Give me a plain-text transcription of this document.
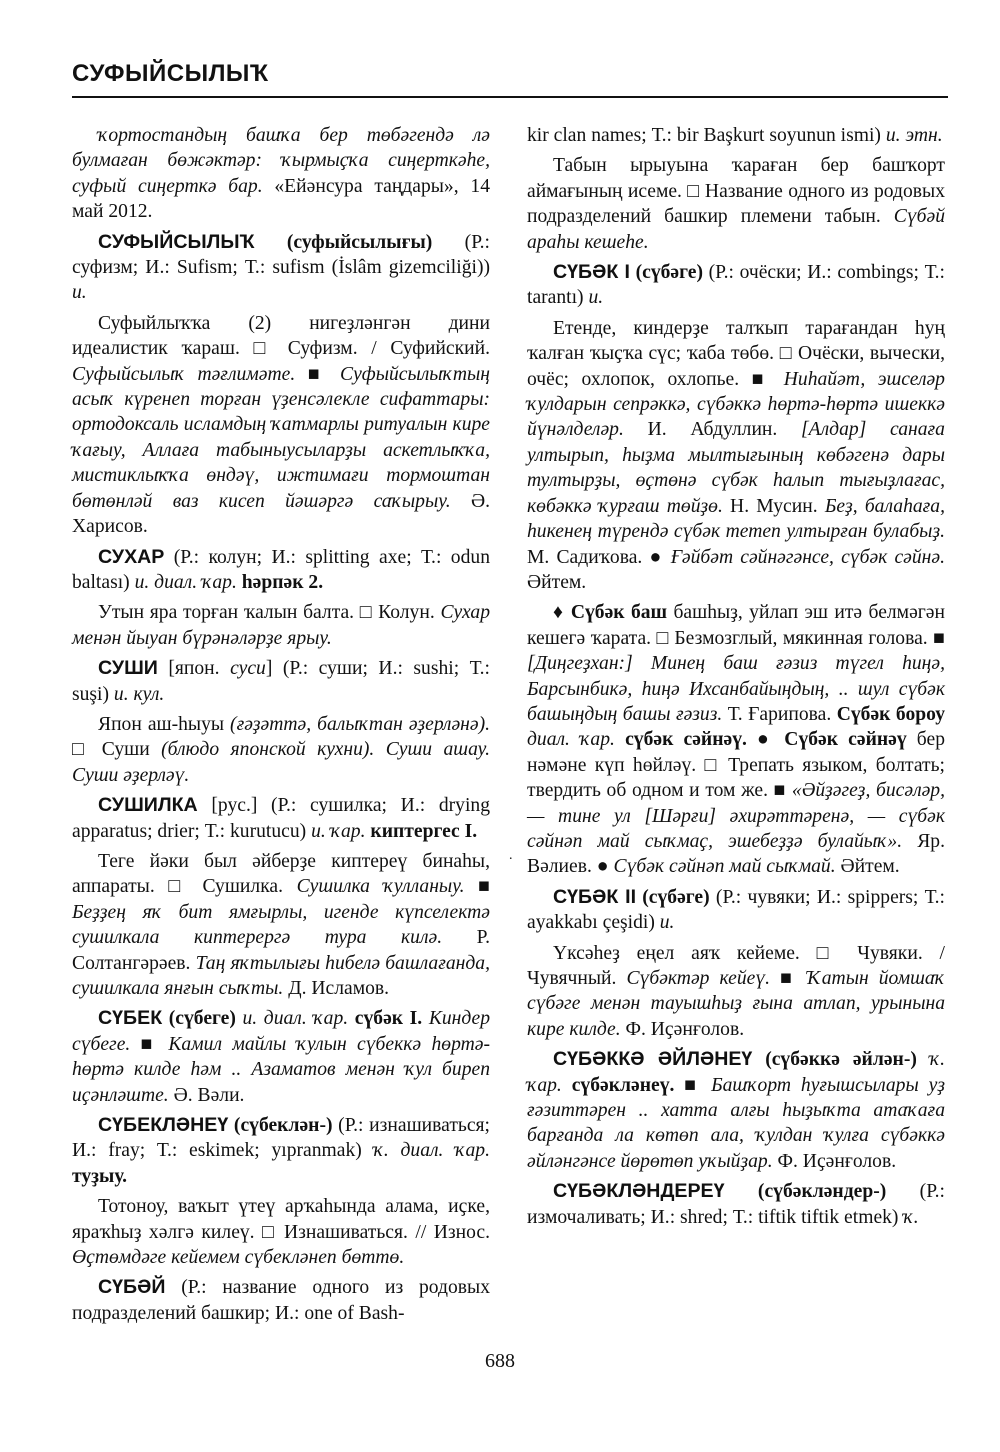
СУФЫЙСЫЛЫҠ

ҡортостандың башҡа бер төбәгендә лә булмаған бөжәктәр: ҡырмыҫҡа сиңерткәһе, суфый сиңерткә бар. «Ейәнсура таңдары», 14 май 2012.

СУФЫЙСЫЛЫҠ (суфыйсылығы) (Р.: суфизм; И.: Sufism; Т.: sufism (İslâm gizemciliği)) и.

Суфыйлыҡҡа (2) нигеҙләнгән дини идеалистик ҡараш. □ Суфизм. / Суфийский. Суфыйсылыҡ тәғлимәте. ■ Суфыйсылыҡтың асыҡ күренеп торған үҙенсәлекле сифаттары: ортодоксаль исламдың ҡатмарлы ритуалын кире ҡағыу, Аллаға табыныусыларҙы аскетлыҡҡа, мистиклыҡҡа өндәү, ижтимағи тормоштан бөтөнләй ваз кисеп йәшәргә саҡырыу. Ә. Харисов.

СУХАР (Р.: колун; И.: splitting axe; Т.: odun baltası) и. диал. ҡар. һәрпәк 2.

Утын яра торған ҡалын балта. □ Колун. Сухар менән йыуан бүрәнәләрҙе ярыу.

СУШИ [япон. суси] (Р.: суши; И.: sushi; Т.: suşi) и. кул.

Япон аш-һыуы (ғәҙәттә, балыҡтан әҙерләнә). □ Суши (блюдо японской кухни). Суши ашау. Суши әҙерләү.

СУШИЛКА [рус.] (Р.: сушилка; И.: drying apparatus; drier; Т.: kurutucu) и. ҡар. киптергес I.

Теге йәки был әйберҙе киптереү бинаһы, аппараты. □ Сушилка. Сушилка ҡулланыу. ■ Беҙҙең яҡ бит ямғырлы, игенде күпселектә сушилкала киптерергә тура килә. Р. Солтангәрәев. Таң яҡтылығы һибелә башлағанда, сушилкала янғын сыҡты. Д. Исламов.

СҮБЕК (сүбеге) и. диал. ҡар. сүбәк I. Киндер сүбеге. ■ Камил майлы ҡулын сүбеккә һөртә-һөртә килде һәм .. Азаматов менән ҡул биреп иҫәнләште. Ә. Вәли.

СҮБЕКЛӘНЕҮ (сүбеклән-) (Р.: изнашиваться; И.: fray; Т.: eskimek; yıpranmak) ҡ. диал. ҡар. туҙыу.

Тотоноу, ваҡыт үтеү арҡаһында алама, иҫке, яраҡһыҙ хәлгә килеү. □ Изнашиваться. // Износ. Өҫтөмдәге кейемем сүбекләнеп бөттө.

СҮБӘЙ (Р.: название одного из родовых подразделений башкир; И.: one of Bash-

kir clan names; Т.: bir Başkurt soyunun ismi) и. этн.

Табын ырыуына ҡараған бер башҡорт аймағының исеме. □ Название одного из родовых подразделений башкир племени табын. Сүбәй араһы кешеһе.

СҮБӘК I (сүбәге) (Р.: очёски; И.: combings; Т.: tarantı) и.

Етенде, киндерҙе талҡып тарағандан һуң ҡалған ҡыҫҡа сүс; ҡаба төбө. □ Очёски, вычески, очёс; охлопок, охлопье. ■ Ниһайәт, эшселәр ҡулдарын сепрәккә, сүбәккә һөртә-һөртә ишеккә йүнәлделәр. И. Абдуллин. [Алдар] санаға ултырып, һыҙма мылтығының көбәгенә дары тултырҙы, өҫтөнә сүбәк һалып тығыҙлағас, көбәккә ҡурғаш төйҙө. Н. Мусин. Беҙ, балаһаға, һикенең түрендә сүбәк тетеп ултырған булабыҙ. М. Садиҡова. ● Ғәйбәт сәйнәгәнсе, сүбәк сәйнә. Әйтем.

♦ Сүбәк баш башһыҙ, уйлап эш итә белмәгән кешегә ҡарата. □ Безмозглый, мякинная голова. ■ [Диңгеҙхан:] Минең баш ғәзиз түгел һиңә, Барсынбикә, һиңә Ихсанбайыңдың, .. шул сүбәк башыңдың башы ғәзиз. Т. Ғарипова. Сүбәк бороу диал. ҡар. сүбәк сәйнәү. ● Сүбәк сәйнәү бер нәмәне күп һөйләү. □ Трепать языком, болтать; твердить об одном и том же. ■ «Әйҙәгеҙ, бисәләр, — тине ул [Шәрғи] әхирәттәренә, — сүбәк сәйнәп май сыҡмаҫ, эшебеҙҙә булайыҡ». Яр. Вәлиев. ● Сүбәк сәйнәп май сыҡмай. Әйтем.

СҮБӘК II (сүбәге) (Р.: чувяки; И.: spippers; Т.: ayakkabı çeşidi) и.

Үксәһеҙ еңел аяҡ кейеме. □ Чувяки. / Чувячный. Сүбәктәр кейеү. ■ Ҡатын йомшаҡ сүбәге менән тауышһыҙ ғына атлап, урынына кире килде. Ф. Иҫәнғолов.

СҮБӘККӘ ӘЙЛӘНЕҮ (сүбәккә әйлән-) ҡ. ҡар. сүбәкләнеү. ■ Башҡорт һуғышсылары уҙ ғәзиттәрен .. хатта алғы һыҙыҡта атаҡаға барғанда ла көтөп ала, ҡулдан ҡулға сүбәккә әйләнгәнсе йөрөтөп уҡыйҙар. Ф. Иҫәнғолов.

СҮБӘКЛӘНДЕРЕҮ (сүбәкләндер-) (Р.: измочаливать; И.: shred; Т.: tiftik tiftik etmek) ҡ.

.
688
